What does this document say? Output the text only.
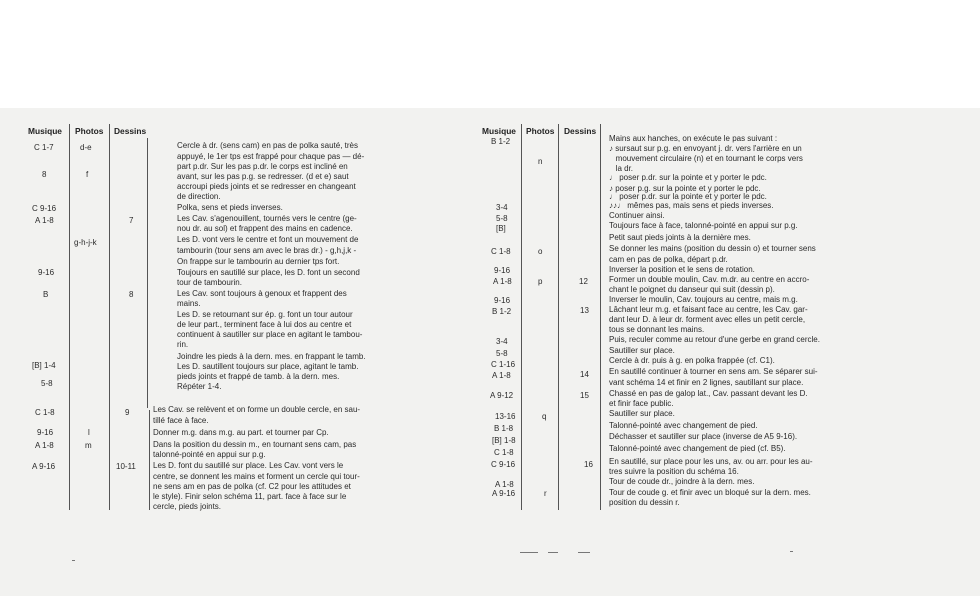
Musique Photos Dessins
C 1-7
8
C 9-16
A 1-8
9-16
B
[B] 1-4
5-8
C 1-8
9-16
A 1-8
A 9-16
d-e
f
g-h-j-k
l
m
7
8
9
10-11
Cercle à dr. (sens cam) en pas de polka sauté, très
appuyé, le 1er tps est frappé pour chaque pas — dé-
part p.dr. Sur les pas p.dr. le corps est incliné en
avant, sur les pas p.g. se redresser. (d et e) saut
accroupi pieds joints et se redresser en changeant
de direction.
Polka, sens et pieds inverses.
Les Cav. s'agenouillent, tournés vers le centre (ge-
nou dr. au sol) et frappent des mains en cadence.
Les D. vont vers le centre et font un mouvement de
tambourin (tour sens am avec le bras dr.) - g,h,j,k -
On frappe sur le tambourin au dernier tps fort.
Toujours en sautillé sur place, les D. font un second
tour de tambourin.
Les Cav. sont toujours à genoux et frappent des
mains.
Les D. se retournant sur ép. g. font un tour autour
de leur part., terminent face à lui dos au centre et
continuent à sautiller sur place en agitant le tambou-
rin.
Joindre les pieds à la dern. mes. en frappant le tamb.
Les D. sautillent toujours sur place, agitant le tamb.
pieds joints et frappé de tamb. à la dern. mes.
Répéter 1-4.
Les Cav. se relèvent et on forme un double cercle, en sau-
tillé face à face.
Donner m.g. dans m.g. au part. et tourner par Cp.
Dans la position du dessin m., en tournant sens cam, pas
talonné-pointé en appui sur p.g.
Les D. font du sautillé sur place. Les Cav. vont vers le
centre, se donnent les mains et forment un cercle qui tour-
ne sens am en pas de polka (cf. C2 pour les attitudes et
le style). Finir selon schéma 11, part. face à face sur le
cercle, pieds joints.
Musique Photos Dessins
B 1-2
3-4
5-8
[B]
C 1-8
9-16
A 1-8
9-16
B 1-2
3-4
5-8
C 1-16
A 1-8
A 9-12
13-16
B 1-8
[B] 1-8
C 1-8
C 9-16
A 1-8
A 9-16
n
o
p
q
r
12
13
14
15
16
Mains aux hanches, on exécute le pas suivant :
♪ sursaut sur p.g. en envoyant j. dr. vers l'arrière en un
mouvement circulaire (n) et en tournant le corps vers
la dr.
♩ poser p.dr. sur la pointe et y porter le pdc.
♪ poser p.g. sur la pointe et y porter le pdc.
♩ poser p.dr. sur la pointe et y porter le pdc.
♪♪♩ mêmes pas, mais sens et pieds inverses.
Continuer ainsi.
Toujours face à face, talonné-pointé en appui sur p.g.
Petit saut pieds joints à la dernière mes.
Se donner les mains (position du dessin o) et tourner sens
cam en pas de polka, départ p.dr.
Inverser la position et le sens de rotation.
Former un double moulin, Cav. m.dr. au centre en accro-
chant le poignet du danseur qui suit (dessin p).
Inverser le moulin, Cav. toujours au centre, mais m.g.
Lâchant leur m.g. et faisant face au centre, les Cav. gar-
dant leur D. à leur dr. forment avec elles un petit cercle,
tous se donnant les mains.
Puis, reculer comme au retour d'une gerbe en grand cercle.
Sautiller sur place.
Cercle à dr. puis à g. en polka frappée (cf. C1).
En sautillé continuer à tourner en sens am. Se séparer sui-
vant schéma 14 et finir en 2 lignes, sautillant sur place.
Chassé en pas de galop lat., Cav. passant devant les D.
et finir face public.
Sautiller sur place.
Talonné-pointé avec changement de pied.
Déchasser et sautiller sur place (inverse de A5 9-16).
Talonné-pointé avec changement de pied (cf. B5).
En sautillé, sur place pour les uns, av. ou arr. pour les au-
tres suivre la position du schéma 16.
Tour de coude dr., joindre à la dern. mes.
Tour de coude g. et finir avec un bloqué sur la dern. mes.
position du dessin r.
